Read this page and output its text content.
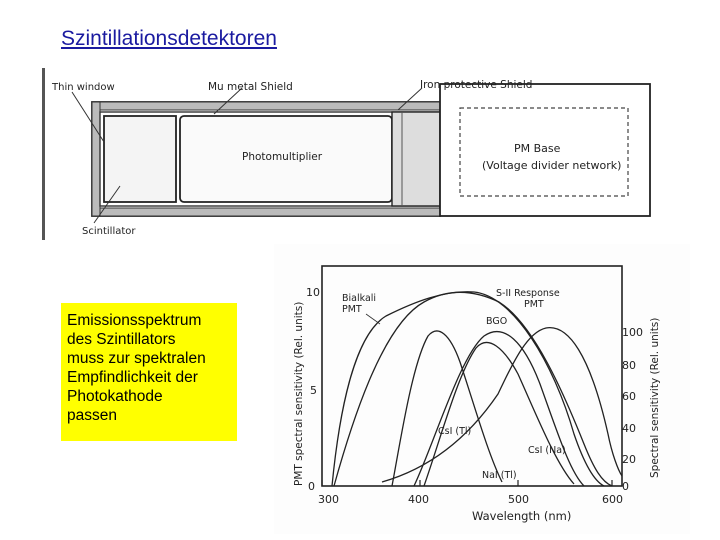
Szintillationsdetektoren
Thin window	Mu metal Shield	Iron protective Shield
Photomultiplier
PM Base
(Voltage divider network)
Scintillator
Emissionsspektrum
des Szintillators
muss zur spektralen
Empfindlichkeit der
Photokathode
passen
300	400	500	600
0
5
10
0
20
40
60
80
100
Wavelength (nm)
PMT spectral sensitivity (Rel. units)	Spectral sensitivity (Rel. units)
Bialkali
PMT
S-II Response
PMT
BGO
CsI (Tl)
CsI (Na)
NaI (Tl)
